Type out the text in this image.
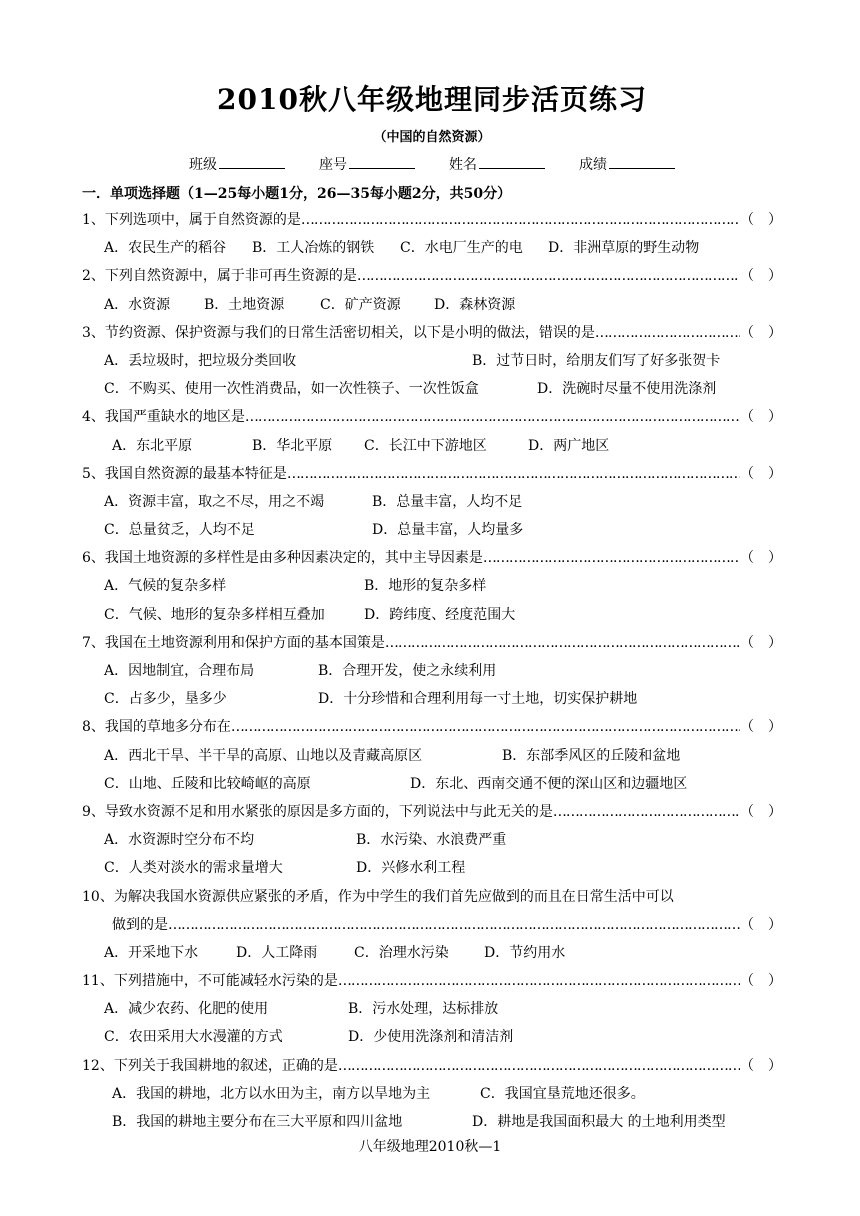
2010秋八年级地理同步活页练习
（中国的自然资源）
班级	座号	姓名	成绩
一．单项选择题（1—25每小题1分，26—35每小题2分，共50分）
1、下列选项中，属于自然资源的是 ……………………………………………………………………………………………………………………………………………………………………………………………………	（ ）
A．农民生产的稻谷 B．工人冶炼的钢铁 C．水电厂生产的电 D．非洲草原的野生动物
2、下列自然资源中，属于非可再生资源的是 ……………………………………………………………………………………………………………………………………………………………………………………………………	（ ）
A．水资源 B．土地资源	C．矿产资源 D．森林资源
3、节约资源、保护资源与我们的日常生活密切相关，以下是小明的做法，错误的是 ……………………………………………………………………………………………………………………………………………………………………………………………………	（ ）
A．丢垃圾时，把垃圾分类回收	B．过节日时，给朋友们写了好多张贺卡
C．不购买、使用一次性消费品，如一次性筷子、一次性饭盒	D．洗碗时尽量不使用洗涤剂
4、我国严重缺水的地区是 ……………………………………………………………………………………………………………………………………………………………………………………………………	（ ）
A．东北平原	B．华北平原 C．长江中下游地区	D．两广地区
5、我国自然资源的最基本特征是 ……………………………………………………………………………………………………………………………………………………………………………………………………	（ ）
A．资源丰富，取之不尽，用之不竭	B．总量丰富，人均不足
C．总量贫乏，人均不足	D．总量丰富，人均量多
6、我国土地资源的多样性是由多种因素决定的，其中主导因素是 ……………………………………………………………………………………………………………………………………………………………………………………………………	（ ）
A．气候的复杂多样	B．地形的复杂多样
C．气候、地形的复杂多样相互叠加	D．跨纬度、经度范围大
7、我国在土地资源利用和保护方面的基本国策是 ……………………………………………………………………………………………………………………………………………………………………………………………………	（ ）
A．因地制宜，合理布局	B．合理开发，使之永续利用
C．占多少，垦多少	D．十分珍惜和合理利用每一寸土地，切实保护耕地
8、我国的草地多分布在 ……………………………………………………………………………………………………………………………………………………………………………………………………	（ ）
A．西北干旱、半干旱的高原、山地以及青藏高原区	B．东部季风区的丘陵和盆地
C．山地、丘陵和比较崎岖的高原	D．东北、西南交通不便的深山区和边疆地区
9、导致水资源不足和用水紧张的原因是多方面的，下列说法中与此无关的是 ……………………………………………………………………………………………………………………………………………………………………………………………………	（ ）
A．水资源时空分布不均	B．水污染、水浪费严重
C．人类对淡水的需求量增大	D．兴修水利工程
10、为解决我国水资源供应紧张的矛盾，作为中学生的我们首先应做到的而且在日常生活中可以
做到的是 ……………………………………………………………………………………………………………………………………………………………………………………………………	（ ）
A．开采地下水	D．人工降雨	C．治理水污染	D．节约用水
11、下列措施中，不可能减轻水污染的是 ……………………………………………………………………………………………………………………………………………………………………………………………………	（ ）
A．减少农药、化肥的使用	B．污水处理，达标排放
C．农田采用大水漫灌的方式	D．少使用洗涤剂和清洁剂
12、下列关于我国耕地的叙述，正确的是 ……………………………………………………………………………………………………………………………………………………………………………………………………	（ ）
A．我国的耕地，北方以水田为主，南方以旱地为主	C．我国宜垦荒地还很多。
B．我国的耕地主要分布在三大平原和四川盆地	D．耕地是我国面积最大 的土地利用类型
八年级地理2010秋—1
